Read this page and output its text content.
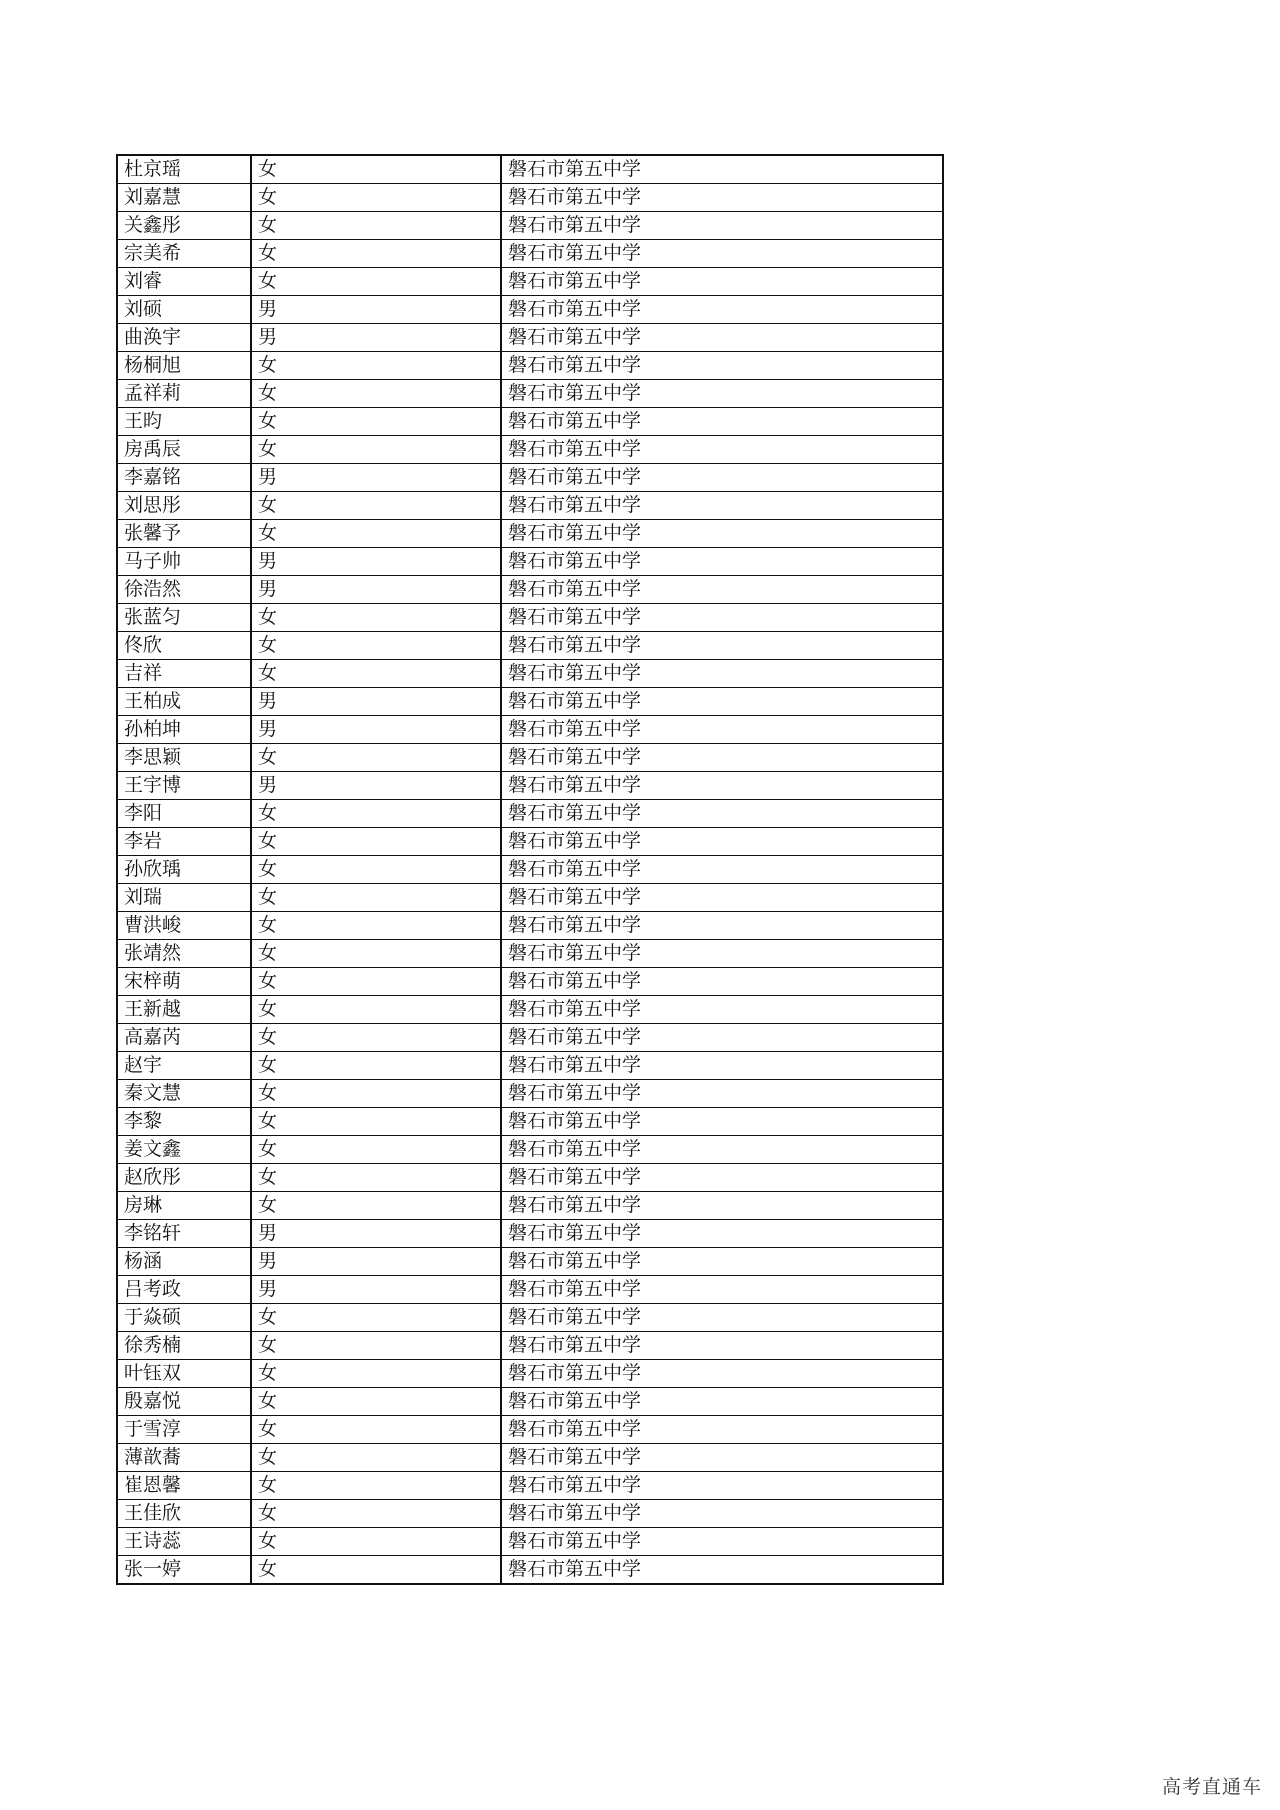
杜京瑶	女	磐石市第五中学
刘嘉慧	女	磐石市第五中学
关鑫彤	女	磐石市第五中学
宗美希	女	磐石市第五中学
刘睿	女	磐石市第五中学
刘硕	男	磐石市第五中学
曲涣宇	男	磐石市第五中学
杨桐旭	女	磐石市第五中学
孟祥莉	女	磐石市第五中学
王昀	女	磐石市第五中学
房禹辰	女	磐石市第五中学
李嘉铭	男	磐石市第五中学
刘思彤	女	磐石市第五中学
张馨予	女	磐石市第五中学
马子帅	男	磐石市第五中学
徐浩然	男	磐石市第五中学
张蓝匀	女	磐石市第五中学
佟欣	女	磐石市第五中学
吉祥	女	磐石市第五中学
王柏成	男	磐石市第五中学
孙柏坤	男	磐石市第五中学
李思颖	女	磐石市第五中学
王宇博	男	磐石市第五中学
李阳	女	磐石市第五中学
李岩	女	磐石市第五中学
孙欣瑀	女	磐石市第五中学
刘瑞	女	磐石市第五中学
曹洪峻	女	磐石市第五中学
张靖然	女	磐石市第五中学
宋梓萌	女	磐石市第五中学
王新越	女	磐石市第五中学
高嘉芮	女	磐石市第五中学
赵宇	女	磐石市第五中学
秦文慧	女	磐石市第五中学
李黎	女	磐石市第五中学
姜文鑫	女	磐石市第五中学
赵欣彤	女	磐石市第五中学
房琳	女	磐石市第五中学
李铭轩	男	磐石市第五中学
杨涵	男	磐石市第五中学
吕考政	男	磐石市第五中学
于焱硕	女	磐石市第五中学
徐秀楠	女	磐石市第五中学
叶钰双	女	磐石市第五中学
殷嘉悦	女	磐石市第五中学
于雪淳	女	磐石市第五中学
薄歆蕎	女	磐石市第五中学
崔恩馨	女	磐石市第五中学
王佳欣	女	磐石市第五中学
王诗蕊	女	磐石市第五中学
张一婷	女	磐石市第五中学
高考直通车
